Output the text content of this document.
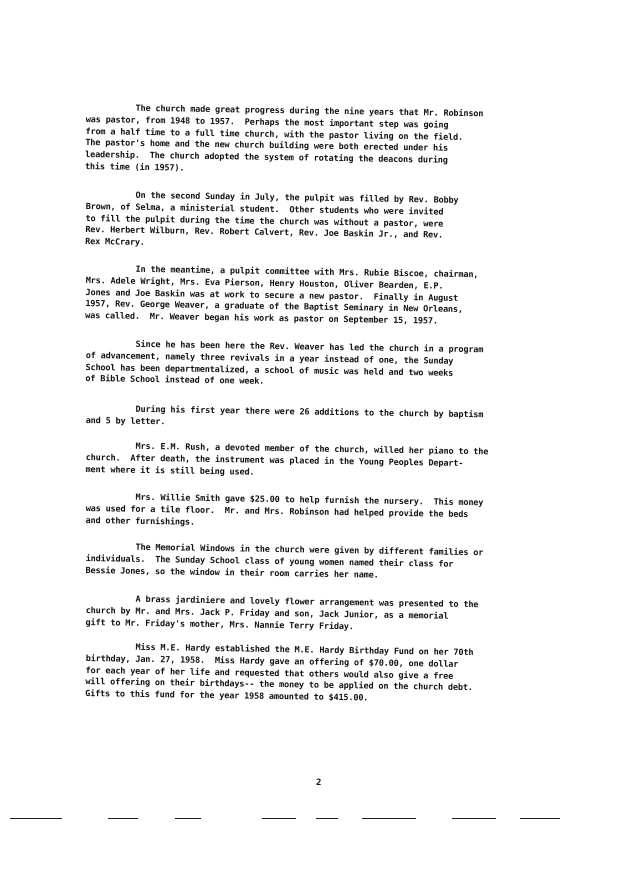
The church made great progress during the nine years that Mr. Robinson
was pastor, from 1948 to 1957.  Perhaps the most important step was going
from a half time to a full time church, with the pastor living on the field.
The pastor's home and the new church building were both erected under his
leadership.  The church adopted the system of rotating the deacons during
this time (in 1957).
On the second Sunday in July, the pulpit was filled by Rev. Bobby
Brown, of Selma, a ministerial student.  Other students who were invited
to fill the pulpit during the time the church was without a pastor, were
Rev. Herbert Wilburn, Rev. Robert Calvert, Rev. Joe Baskin Jr., and Rev.
Rex McCrary.
In the meantime, a pulpit committee with Mrs. Rubie Biscoe, chairman,
Mrs. Adele Wright, Mrs. Eva Pierson, Henry Houston, Oliver Bearden, E.P.
Jones and Joe Baskin was at work to secure a new pastor.  Finally in August
1957, Rev. George Weaver, a graduate of the Baptist Seminary in New Orleans,
was called.  Mr. Weaver began his work as pastor on September 15, 1957.
Since he has been here the Rev. Weaver has led the church in a program
of advancement, namely three revivals in a year instead of one, the Sunday
School has been departmentalized, a school of music was held and two weeks
of Bible School instead of one week.
During his first year there were 26 additions to the church by baptism
and 5 by letter.
Mrs. E.M. Rush, a devoted member of the church, willed her piano to the
church.  After death, the instrument was placed in the Young Peoples Depart-
ment where it is still being used.
Mrs. Willie Smith gave $25.00 to help furnish the nursery.  This money
was used for a tile floor.  Mr. and Mrs. Robinson had helped provide the beds
and other furnishings.
The Memorial Windows in the church were given by different families or
individuals.  The Sunday School class of young women named their class for
Bessie Jones, so the window in their room carries her name.
A brass jardiniere and lovely flower arrangement was presented to the
church by Mr. and Mrs. Jack P. Friday and son, Jack Junior, as a memorial
gift to Mr. Friday's mother, Mrs. Nannie Terry Friday.
Miss M.E. Hardy established the M.E. Hardy Birthday Fund on her 70th
birthday, Jan. 27, 1958.  Miss Hardy gave an offering of $70.00, one dollar
for each year of her life and requested that others would also give a free
will offering on their birthdays-- the money to be applied on the church debt.
Gifts to this fund for the year 1958 amounted to $415.00.
2
